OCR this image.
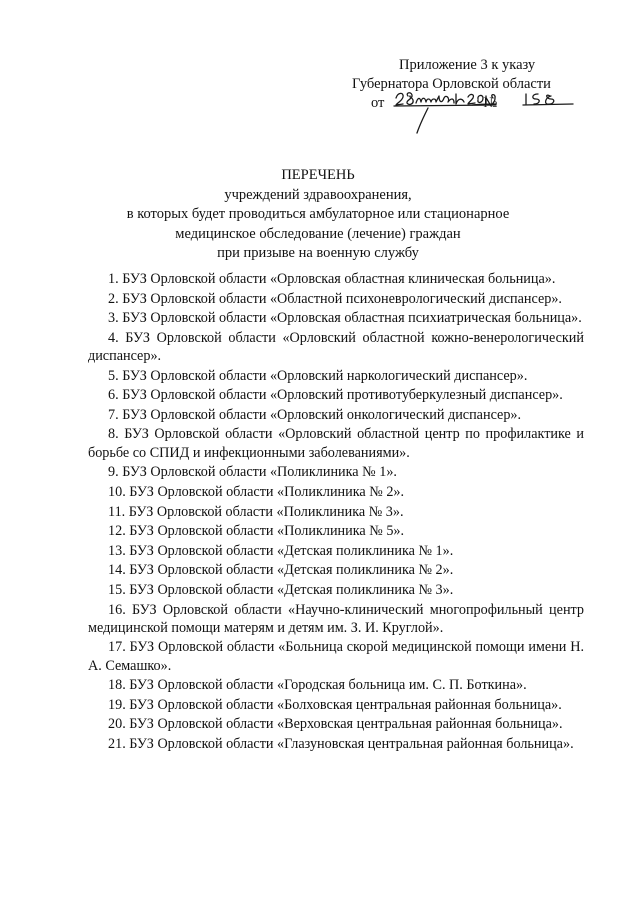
Приложение 3 к указу
Губернатора Орловской области
от	№
ПЕРЕЧЕНЬ
учреждений здравоохранения,
в которых будет проводиться амбулаторное или стационарное
медицинское обследование (лечение) граждан
при призыве на военную службу

1. БУЗ Орловской области «Орловская областная клиническая больница».

2. БУЗ Орловской области «Областной психоневрологический диспансер».

3. БУЗ Орловской области «Орловская областная психиатрическая больница».

4. БУЗ Орловской области «Орловский областной кожно-венерологический диспансер».

5. БУЗ Орловской области «Орловский наркологический диспансер».

6. БУЗ Орловской области «Орловский противотуберкулезный диспансер».

7. БУЗ Орловской области «Орловский онкологический диспансер».

8. БУЗ Орловской области «Орловский областной центр по профилактике и борьбе со СПИД и инфекционными заболеваниями».

9. БУЗ Орловской области «Поликлиника № 1».

10. БУЗ Орловской области «Поликлиника № 2».

11. БУЗ Орловской области «Поликлиника № 3».

12. БУЗ Орловской области «Поликлиника № 5».

13. БУЗ Орловской области «Детская поликлиника № 1».

14. БУЗ Орловской области «Детская поликлиника № 2».

15. БУЗ Орловской области «Детская поликлиника № 3».

16. БУЗ Орловской области «Научно-клинический многопрофильный центр медицинской помощи матерям и детям им. З. И. Круглой».

17. БУЗ Орловской области «Больница скорой медицинской помощи имени Н. А. Семашко».

18. БУЗ Орловской области «Городская больница им. С. П. Боткина».

19. БУЗ Орловской области «Болховская центральная районная больница».

20. БУЗ Орловской области «Верховская центральная районная больница».

21. БУЗ Орловской области «Глазуновская центральная районная больница».
